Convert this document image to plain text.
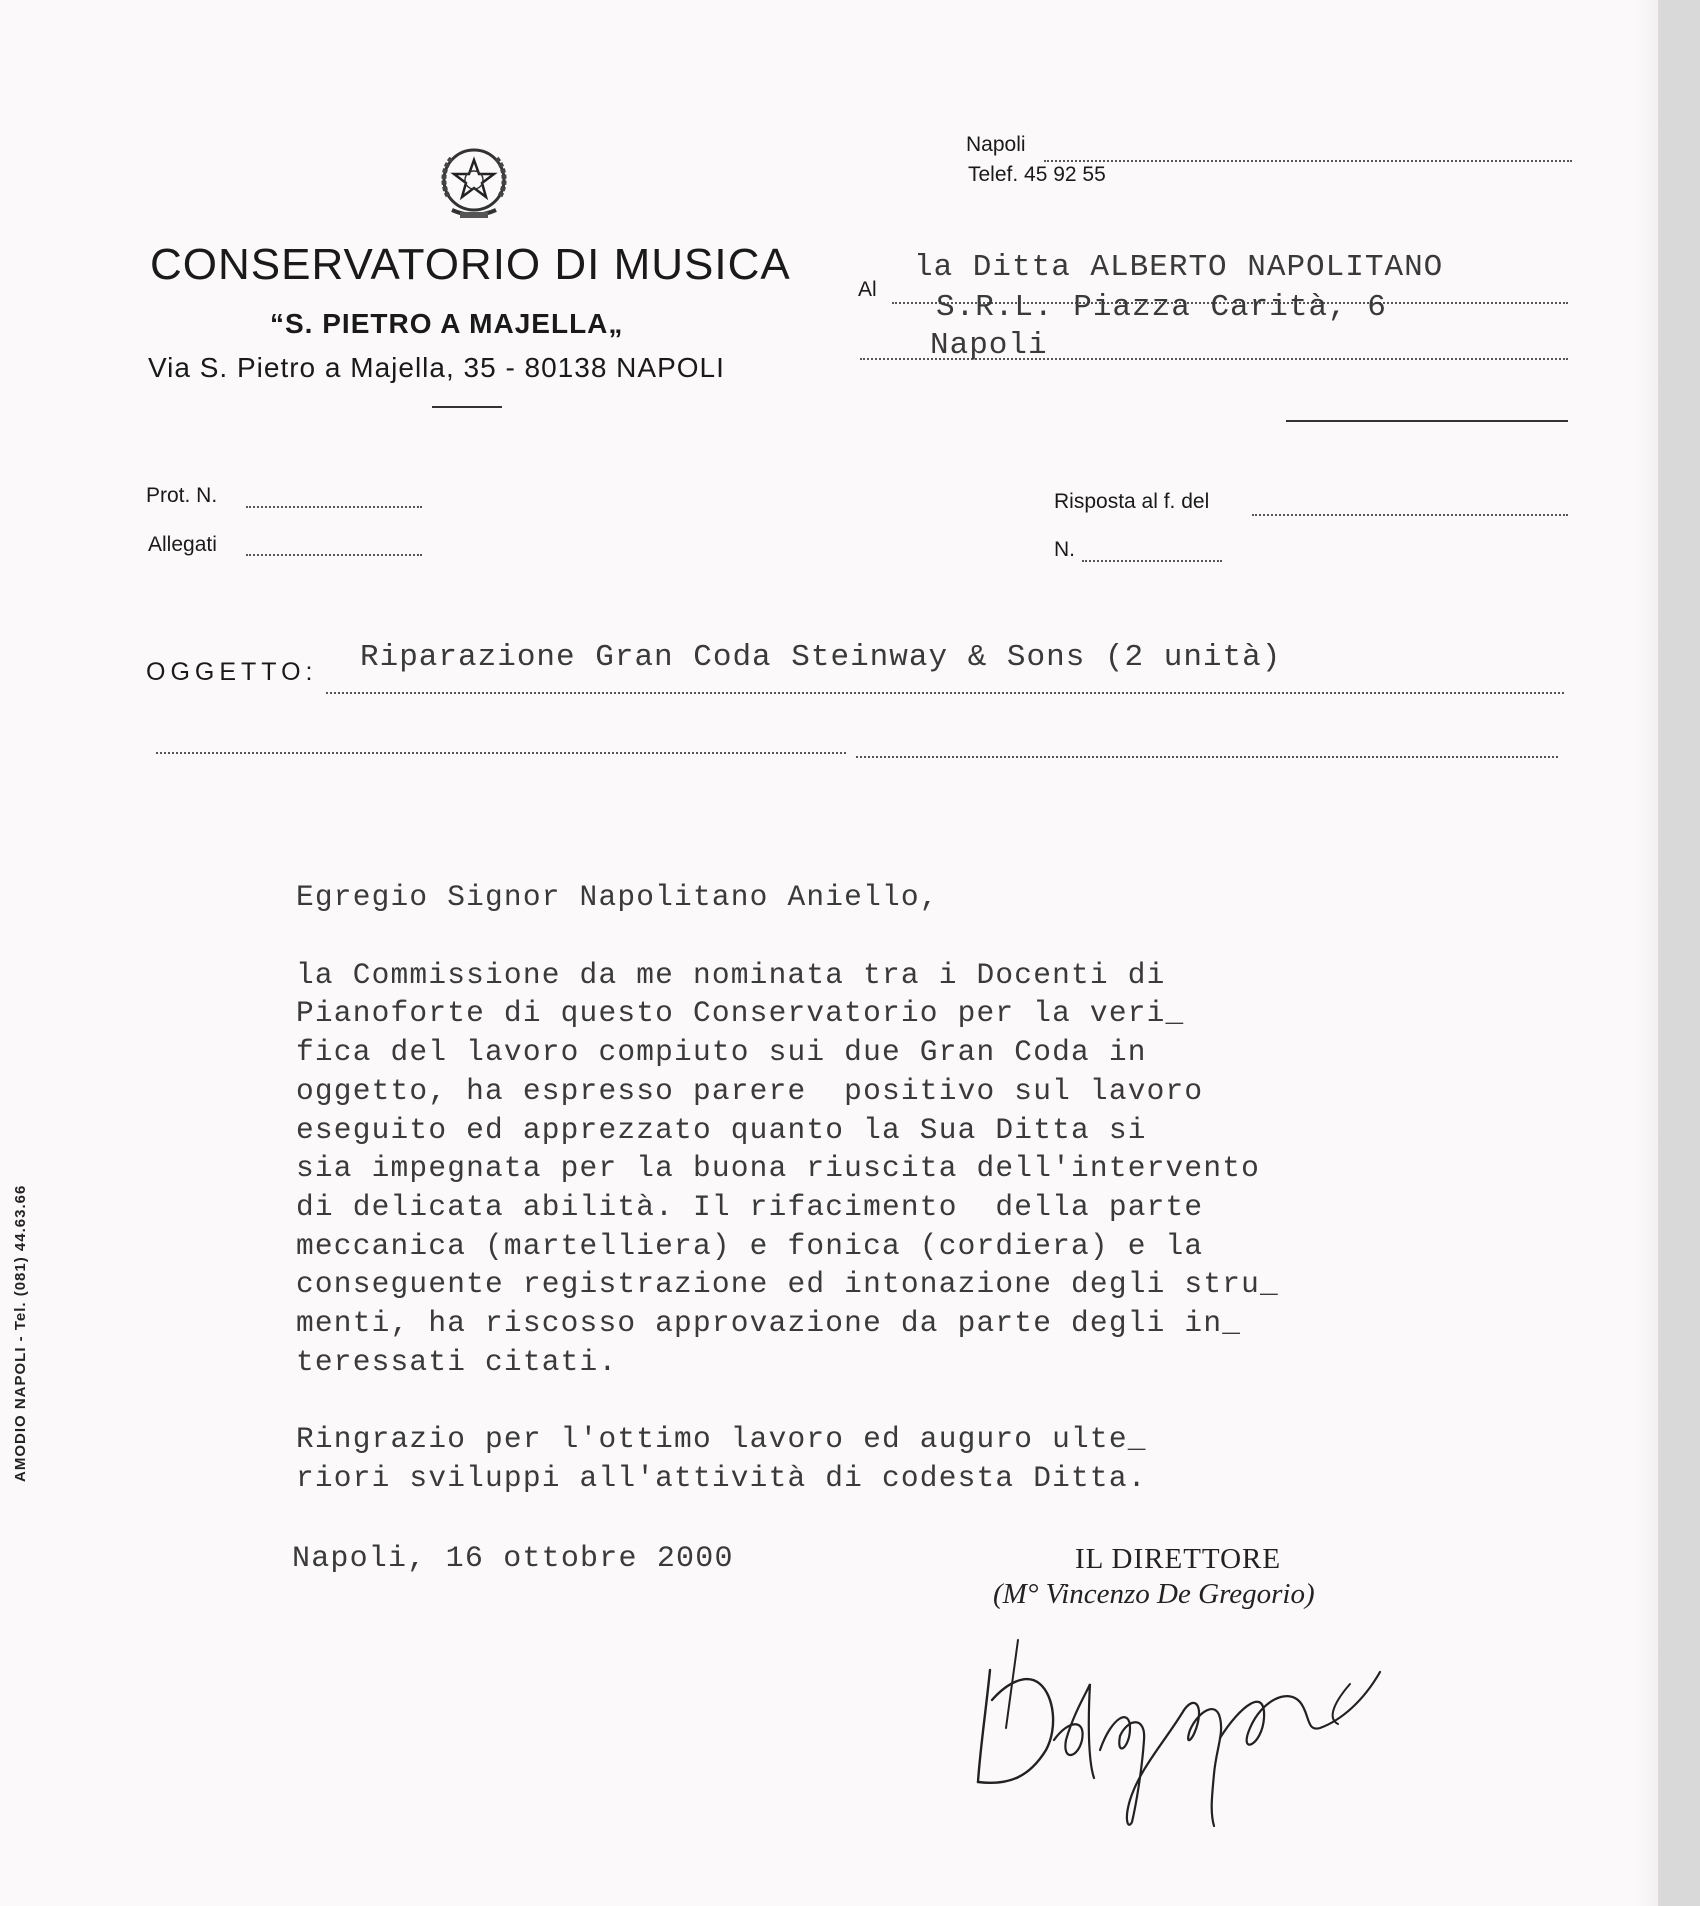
CONSERVATORIO DI MUSICA
“S. PIETRO A MAJELLA„
Via S. Pietro a Majella, 35 - 80138 NAPOLI
Napoli
Telef. 45 92 55
Al
la Ditta ALBERTO NAPOLITANO
S.R.L. Piazza Carità, 6
Napoli
Prot. N.
Allegati
Risposta al f. del
N.
OGGETTO: Riparazione Gran Coda Steinway & Sons (2 unità)
Egregio Signor Napolitano Aniello,
la Commissione da me nominata tra i Docenti di
Pianoforte di questo Conservatorio per la veri_
fica del lavoro compiuto sui due Gran Coda in
oggetto, ha espresso parere  positivo sul lavoro
eseguito ed apprezzato quanto la Sua Ditta si
sia impegnata per la buona riuscita dell'intervento
di delicata abilità. Il rifacimento  della parte
meccanica (martelliera) e fonica (cordiera) e la
conseguente registrazione ed intonazione degli stru_
menti, ha riscosso approvazione da parte degli in_
teressati citati.
Ringrazio per l'ottimo lavoro ed auguro ulte_
riori sviluppi all'attività di codesta Ditta.
Napoli, 16 ottobre 2000	IL DIRETTORE
(M° Vincenzo De Gregorio)
AMODIO NAPOLI - Tel. (081) 44.63.66
